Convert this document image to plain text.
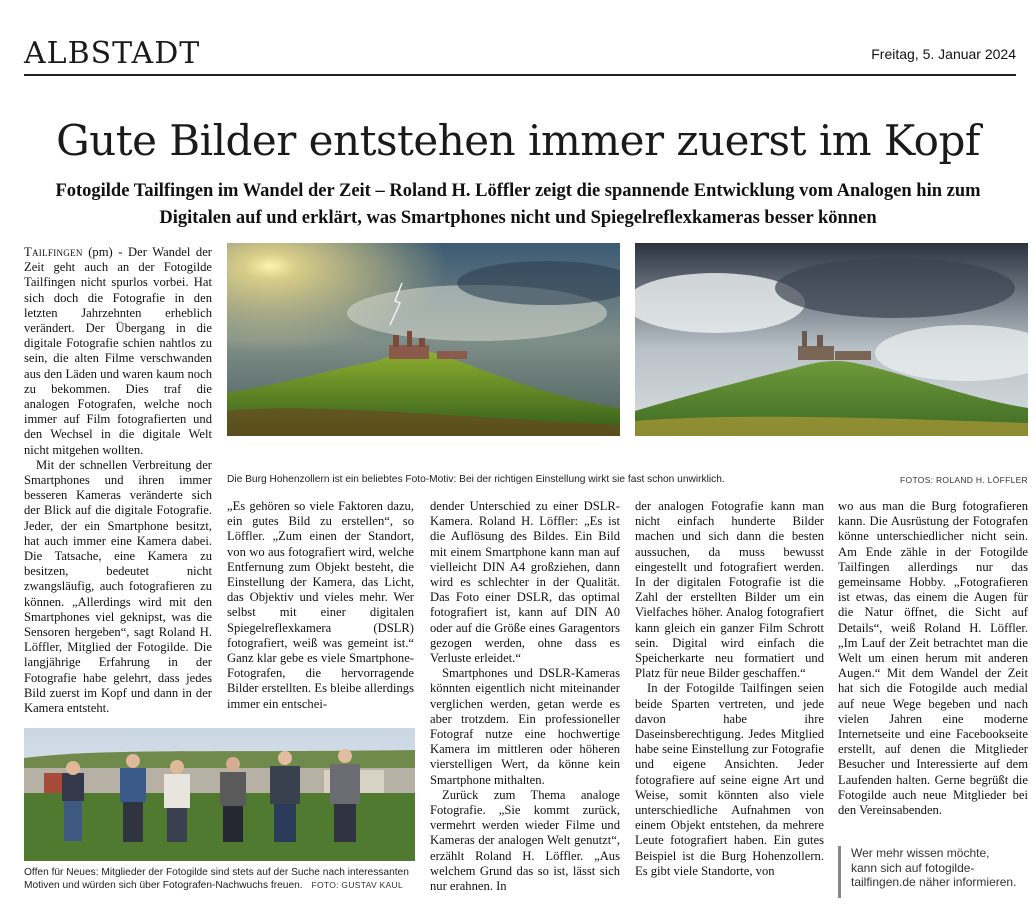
ALBSTADT	Freitag, 5. Januar 2024
Gute Bilder entstehen immer zuerst im Kopf
Fotogilde Tailfingen im Wandel der Zeit – Roland H. Löffler zeigt die spannende Entwicklung vom Analogen hin zum Digitalen auf und erklärt, was Smartphones nicht und Spiegelreflexkameras besser können

Tailfingen (pm) - Der Wandel der Zeit geht auch an der Fotogilde Tailfingen nicht spurlos vorbei. Hat sich doch die Fotografie in den letzten Jahrzehnten erheblich verändert. Der Übergang in die digitale Fotografie schien nahtlos zu sein, die alten Filme verschwanden aus den Läden und waren kaum noch zu bekommen. Dies traf die analogen Fotografen, welche noch immer auf Film fotografierten und den Wechsel in die digitale Welt nicht mitgehen wollten.

Mit der schnellen Verbreitung der Smartphones und ihren immer besseren Kameras veränderte sich der Blick auf die digitale Fotografie. Jeder, der ein Smartphone besitzt, hat auch immer eine Kamera dabei. Die Tatsache, eine Kamera zu besitzen, bedeutet nicht zwangsläufig, auch fotografieren zu können. „Allerdings wird mit den Smartphones viel geknipst, was die Sensoren hergeben“, sagt Roland H. Löffler, Mitglied der Fotogilde. Die langjährige Erfahrung in der Fotografie habe gelehrt, dass jedes Bild zuerst im Kopf und dann in der Kamera entsteht.

Die Burg Hohenzollern ist ein beliebtes Foto-Motiv: Bei der richtigen Einstellung wirkt sie fast schon unwirklich.	FOTOS: ROLAND H. LÖFFLER

„Es gehören so viele Faktoren dazu, ein gutes Bild zu erstellen“, so Löffler. „Zum einen der Standort, von wo aus fotografiert wird, welche Entfernung zum Objekt besteht, die Einstellung der Kamera, das Licht, das Objektiv und vieles mehr. Wer selbst mit einer digitalen Spiegelreflexkamera (DSLR) fotografiert, weiß was gemeint ist.“ Ganz klar gebe es viele Smartphone-Fotografen, die hervorragende Bilder erstellten. Es bleibe allerdings immer ein entschei-

dender Unterschied zu einer DSLR-Kamera. Roland H. Löffler: „Es ist die Auflösung des Bildes. Ein Bild mit einem Smartphone kann man auf vielleicht DIN A4 großziehen, dann wird es schlechter in der Qualität. Das Foto einer DSLR, das optimal fotografiert ist, kann auf DIN A0 oder auf die Größe eines Garagentors gezogen werden, ohne dass es Verluste erleidet.“

Smartphones und DSLR-Kameras könnten eigentlich nicht miteinander verglichen werden, getan werde es aber trotzdem. Ein professioneller Fotograf nutze eine hochwertige Kamera im mittleren oder höheren vierstelligen Wert, da könne kein Smartphone mithalten.

Zurück zum Thema analoge Fotografie. „Sie kommt zurück, vermehrt werden wieder Filme und Kameras der analogen Welt genutzt“, erzählt Roland H. Löffler. „Aus welchem Grund das so ist, lässt sich nur erahnen. In

der analogen Fotografie kann man nicht einfach hunderte Bilder machen und sich dann die besten aussuchen, da muss bewusst eingestellt und fotografiert werden. In der digitalen Fotografie ist die Zahl der erstellten Bilder um ein Vielfaches höher. Analog fotografiert kann gleich ein ganzer Film Schrott sein. Digital wird einfach die Speicherkarte neu formatiert und Platz für neue Bilder geschaffen.“

In der Fotogilde Tailfingen seien beide Sparten vertreten, und jede davon habe ihre Daseinsberechtigung. Jedes Mitglied habe seine Einstellung zur Fotografie und eigene Ansichten. Jeder fotografiere auf seine eigne Art und Weise, somit könnten also viele unterschiedliche Aufnahmen von einem Objekt entstehen, da mehrere Leute fotografiert haben. Ein gutes Beispiel ist die Burg Hohenzollern. Es gibt viele Standorte, von

wo aus man die Burg fotografieren kann. Die Ausrüstung der Fotografen könne unterschiedlicher nicht sein. Am Ende zähle in der Fotogilde Tailfingen allerdings nur das gemeinsame Hobby. „Fotografieren ist etwas, das einem die Augen für die Natur öffnet, die Sicht auf Details“, weiß Roland H. Löffler. „Im Lauf der Zeit betrachtet man die Welt um einen herum mit anderen Augen.“ Mit dem Wandel der Zeit hat sich die Fotogilde auch medial auf neue Wege begeben und nach vielen Jahren eine moderne Internetseite und eine Facebookseite erstellt, auf denen die Mitglieder Besucher und Interessierte auf dem Laufenden halten. Gerne begrüßt die Fotogilde auch neue Mitglieder bei den Vereinsabenden.

Offen für Neues: Mitglieder der Fotogilde sind stets auf der Suche nach interessanten Motiven und würden sich über Fotografen-Nachwuchs freuen. FOTO: GUSTAV KAUL
Wer mehr wissen möchte, kann sich auf fotogilde-tailfingen.de näher informieren.
